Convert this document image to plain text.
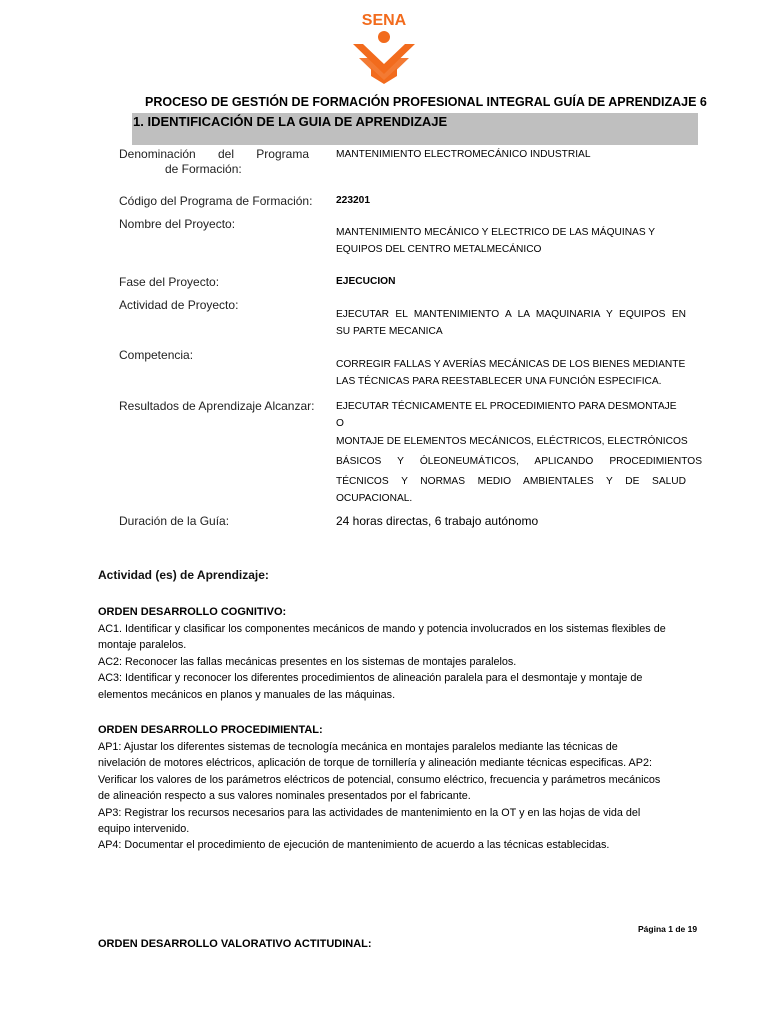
SENA
PROCESO DE GESTIÓN DE FORMACIÓN PROFESIONAL INTEGRAL GUÍA DE APRENDIZAJE 6
1. IDENTIFICACIÓN DE LA GUIA DE APRENDIZAJE
Denominación del Programa
de Formación:
MANTENIMIENTO ELECTROMECÁNICO INDUSTRIAL
Código del Programa de Formación:	223201
Nombre del Proyecto:
MANTENIMIENTO MECÁNICO Y ELECTRICO DE LAS MÁQUINAS Y
EQUIPOS DEL CENTRO METALMECÁNICO
Fase del Proyecto:	EJECUCION
Actividad de Proyecto:
EJECUTAR EL MANTENIMIENTO A LA MAQUINARIA Y EQUIPOS EN
SU PARTE MECANICA
Competencia:
CORREGIR FALLAS Y AVERÍAS MECÁNICAS DE LOS BIENES MEDIANTE
LAS TÉCNICAS PARA REESTABLECER UNA FUNCIÓN ESPECIFICA.
Resultados de Aprendizaje Alcanzar:	EJECUTAR TÉCNICAMENTE EL PROCEDIMIENTO PARA DESMONTAJE
O
MONTAJE DE ELEMENTOS MECÁNICOS, ELÉCTRICOS, ELECTRÓNICOS
BÁSICOS Y ÓLEONEUMÁTICOS, APLICANDO PROCEDIMIENTOS
TÉCNICOS Y NORMAS MEDIO AMBIENTALES Y DE SALUD
OCUPACIONAL.
Duración de la Guía:	24 horas directas, 6 trabajo autónomo
Actividad (es) de Aprendizaje:
ORDEN DESARROLLO COGNITIVO:

AC1. Identificar y clasificar los componentes mecánicos de mando y potencia involucrados en los sistemas flexibles de

montaje paralelos.

AC2: Reconocer las fallas mecánicas presentes en los sistemas de montajes paralelos.

AC3: Identificar y reconocer los diferentes procedimientos de alineación paralela para el desmontaje y montaje de

elementos mecánicos en planos y manuales de las máquinas.

ORDEN DESARROLLO PROCEDIMIENTAL:

AP1: Ajustar los diferentes sistemas de tecnología mecánica en montajes paralelos mediante las técnicas de

nivelación de motores eléctricos, aplicación de torque de tornillería y alineación mediante técnicas especificas. AP2:

Verificar los valores de los parámetros eléctricos de potencial, consumo eléctrico, frecuencia y parámetros mecánicos

de alineación respecto a sus valores nominales presentados por el fabricante.

AP3: Registrar los recursos necesarios para las actividades de mantenimiento en la OT y en las hojas de vida del

equipo intervenido.

AP4: Documentar el procedimiento de ejecución de mantenimiento de acuerdo a las técnicas establecidas.

Página 1 de 19
ORDEN DESARROLLO VALORATIVO ACTITUDINAL:
